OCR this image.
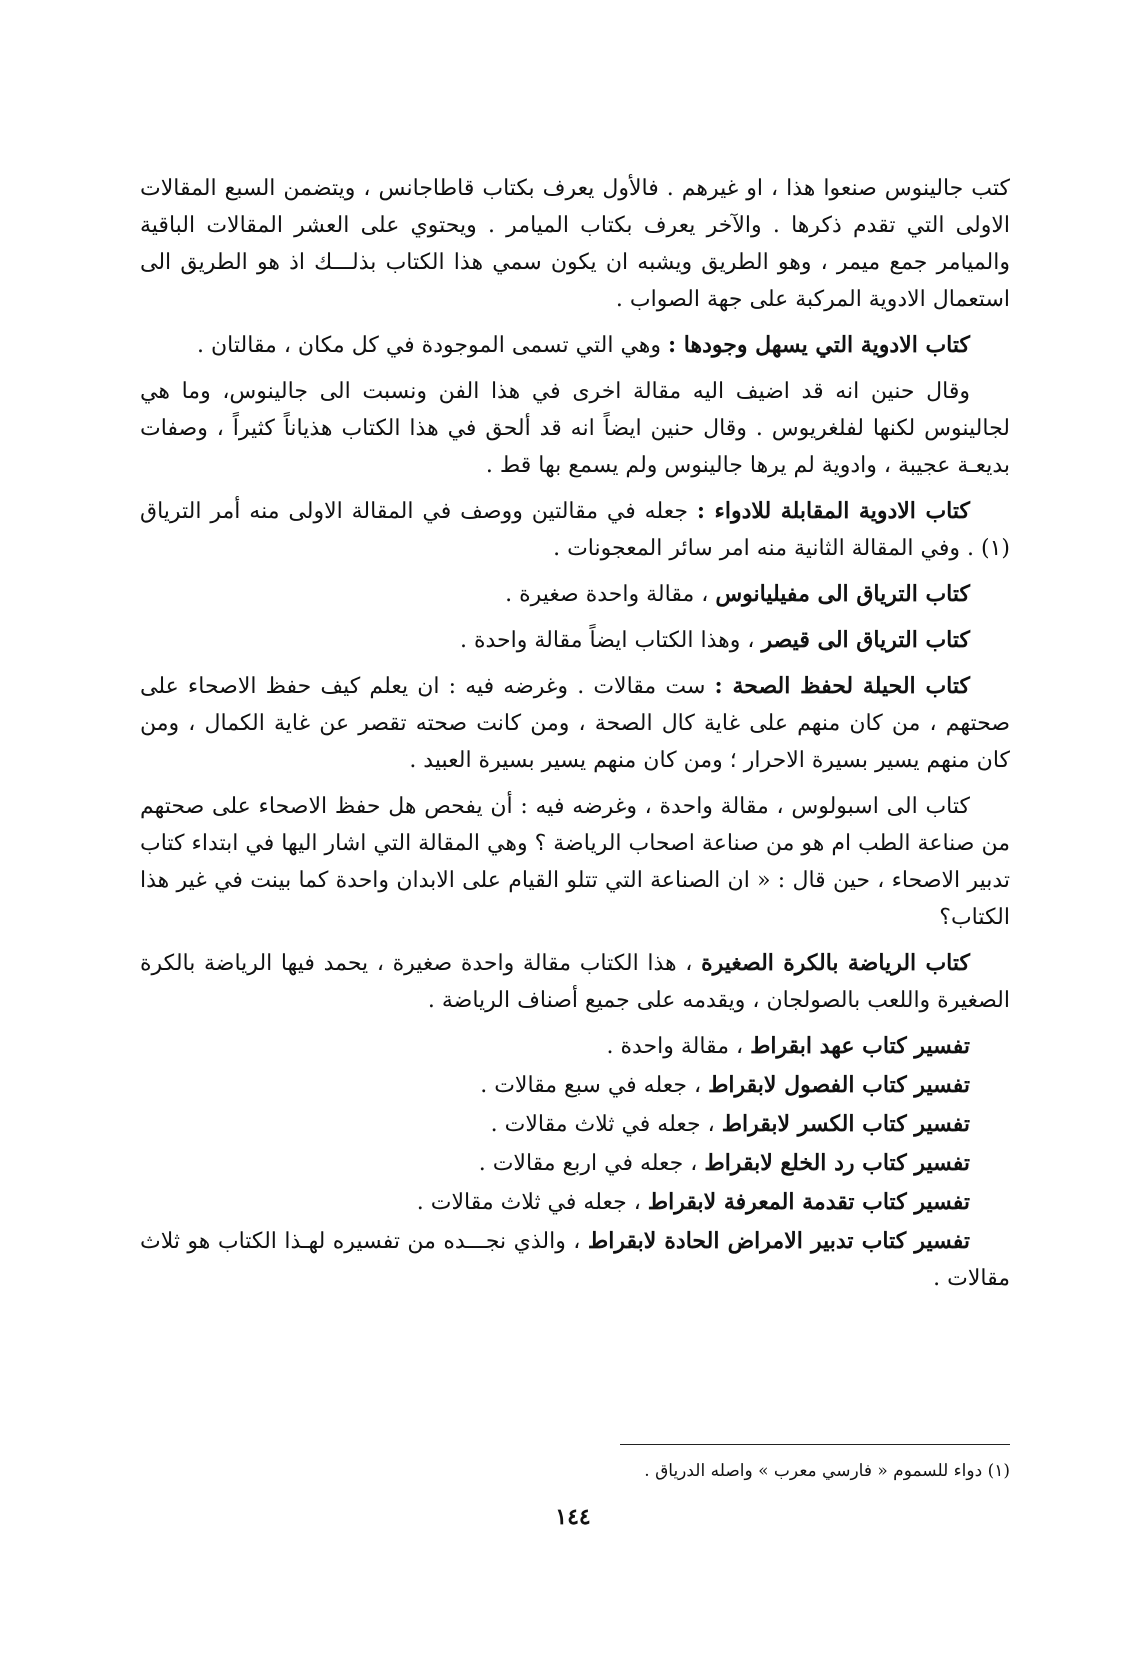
كتب جالينوس صنعوا هذا ، او غيرهم . فالأول يعرف بكتاب قاطاجانس ، ويتضمن السبع المقالات الاولى التي تقدم ذكرها . والآخر يعرف بكتاب الميامر . ويحتوي على العشر المقالات الباقية والميامر جمع ميمر ، وهو الطريق ويشبه ان يكون سمي هذا الكتاب بذلـــك اذ هو الطريق الى استعمال الادوية المركبة على جهة الصواب .

كتاب الادوية التي يسهل وجودها : وهي التي تسمى الموجودة في كل مكان ، مقالتان .

وقال حنين انه قد اضيف اليه مقالة اخرى في هذا الفن ونسبت الى جالينوس، وما هي لجالينوس لكنها لفلغريوس . وقال حنين ايضاً انه قد ألحق في هذا الكتاب هذياناً كثيراً ، وصفات بديعـة عجيبة ، وادوية لم يرها جالينوس ولم يسمع بها قط .

كتاب الادوية المقابلة للادواء : جعله في مقالتين ووصف في المقالة الاولى منه أمر الترياق (١) . وفي المقالة الثانية منه امر سائر المعجونات .

كتاب الترياق الى مفيليانوس ، مقالة واحدة صغيرة .

كتاب الترياق الى قيصر ، وهذا الكتاب ايضاً مقالة واحدة .

كتاب الحيلة لحفظ الصحة : ست مقالات . وغرضه فيه : ان يعلم كيف حفظ الاصحاء على صحتهم ، من كان منهم على غاية كال الصحة ، ومن كانت صحته تقصر عن غاية الكمال ، ومن كان منهم يسير بسيرة الاحرار ؛ ومن كان منهم يسير بسيرة العبيد .

كتاب الى اسبولوس ، مقالة واحدة ، وغرضه فيه : أن يفحص هل حفظ الاصحاء على صحتهم من صناعة الطب ام هو من صناعة اصحاب الرياضة ؟ وهي المقالة التي اشار اليها في ابتداء كتاب تدبير الاصحاء ، حين قال : « ان الصناعة التي تتلو القيام على الابدان واحدة كما بينت في غير هذا الكتاب؟

كتاب الرياضة بالكرة الصغيرة ، هذا الكتاب مقالة واحدة صغيرة ، يحمد فيها الرياضة بالكرة الصغيرة واللعب بالصولجان ، ويقدمه على جميع أصناف الرياضة .

تفسير كتاب عهد ابقراط ، مقالة واحدة .

تفسير كتاب الفصول لابقراط ، جعله في سبع مقالات .

تفسير كتاب الكسر لابقراط ، جعله في ثلاث مقالات .

تفسير كتاب رد الخلع لابقراط ، جعله في اربع مقالات .

تفسير كتاب تقدمة المعرفة لابقراط ، جعله في ثلاث مقالات .

تفسير كتاب تدبير الامراض الحادة لابقراط ، والذي نجـــده من تفسيره لهـذا الكتاب هو ثلاث مقالات .

(١) دواء للسموم « فارسي معرب » واصله الدرياق .
١٤٤
